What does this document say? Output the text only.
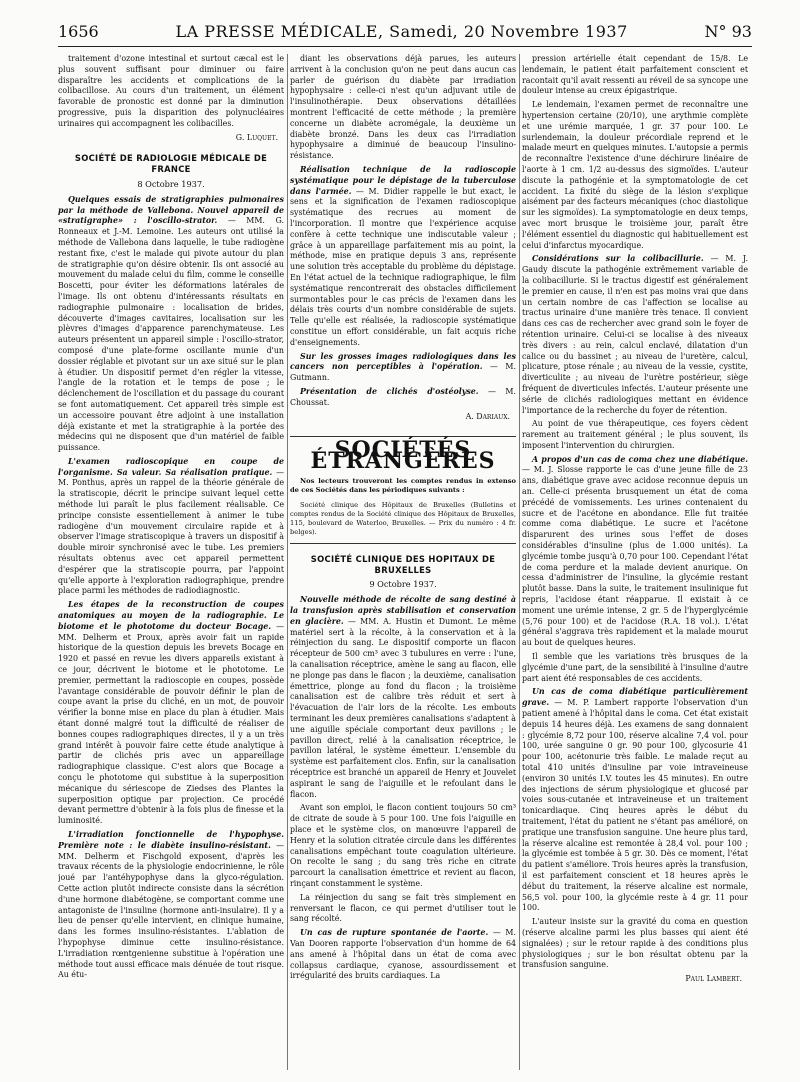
1656	LA PRESSE MÉDICALE, Samedi, 20 Novembre 1937	N° 93

traitement d'ozone intestinal et surtout cæcal est le plus souvent suffisant pour diminuer ou faire disparaître les accidents et complications de la colibacillose. Au cours d'un traitement, un élément favorable de pronostic est donné par la diminution progressive, puis la disparition des polynucléaires urinaires qui accompagnent les colibacilles.

G. Luquet.

SOCIÉTÉ DE RADIOLOGIE MÉDICALE DE FRANCE
8 Octobre 1937.

Quelques essais de stratigraphies pulmonaires par la méthode de Vallebona. Nouvel appareil de «stratigraphe» : l'oscillo-strator. — MM. G. Ronneaux et J.-M. Lemoine. Les auteurs ont utilisé la méthode de Vallebona dans laquelle, le tube radiogène restant fixe, c'est le malade qui pivote autour du plan de stratigraphie qu'on désire obtenir. Ils ont associé au mouvement du malade celui du film, comme le conseille Boscetti, pour éviter les déformations latérales de l'image. Ils ont obtenu d'intéressants résultats en radiographie pulmonaire : localisation de brides, découverte d'images cavitaires, localisation sur les plèvres d'images d'apparence parenchymateuse. Les auteurs présentent un appareil simple : l'oscillo-strator, composé d'une plate-forme oscillante munie d'un dossier réglable et pivotant sur un axe situé sur le plan à étudier. Un dispositif permet d'en régler la vitesse, l'angle de la rotation et le temps de pose ; le déclenchement de l'oscillation et du passage du courant se font automatiquement. Cet appareil très simple est un accessoire pouvant être adjoint à une installation déjà existante et met la stratigraphie à la portée des médecins qui ne disposent que d'un matériel de faible puissance.

L'examen radioscopique en coupe de l'organisme. Sa valeur. Sa réalisation pratique. — M. Ponthus, après un rappel de la théorie générale de la stratiscopie, décrit le principe suivant lequel cette méthode lui paraît le plus facilement réalisable. Ce principe consiste essentiellement à animer le tube radiogène d'un mouvement circulaire rapide et à observer l'image stratiscopique à travers un dispositif à double miroir synchronisé avec le tube. Les premiers résultats obtenus avec cet appareil permettent d'espérer que la stratiscopie pourra, par l'appoint qu'elle apporte à l'exploration radiographique, prendre place parmi les méthodes de radiodiagnostic.

Les étapes de la reconstruction de coupes anatomiques au moyen de la radiographie. Le biotome et le phototome du docteur Bocage. — MM. Delherm et Proux, après avoir fait un rapide historique de la question depuis les brevets Bocage en 1920 et passé en revue les divers appareils existant à ce jour, décrivent le biotome et le phototome. Le premier, permettant la radioscopie en coupes, possède l'avantage considérable de pouvoir définir le plan de coupe avant la prise du cliché, en un mot, de pouvoir vérifier la bonne mise en place du plan à étudier. Mais étant donné malgré tout la difficulté de réaliser de bonnes coupes radiographiques directes, il y a un très grand intérêt à pouvoir faire cette étude analytique à partir de clichés pris avec un appareillage radiographique classique. C'est alors que Bocage a conçu le phototome qui substitue à la superposition mécanique du sériescope de Ziedses des Plantes la superposition optique par projection. Ce procédé devant permettre d'obtenir à la fois plus de finesse et la luminosité.

L'irradiation fonctionnelle de l'hypophyse. Première note : le diabète insulino-résistant. — MM. Delherm et Fischgold exposent, d'après les travaux récents de la physiologie endocrinienne, le rôle joué par l'antéhypophyse dans la glyco-régulation. Cette action plutôt indirecte consiste dans la sécrétion d'une hormone diabétogène, se comportant comme une antagoniste de l'insuline (hormone anti-insulaire). Il y a lieu de penser qu'elle intervient, en clinique humaine, dans les formes insulino-résistantes. L'ablation de l'hypophyse diminue cette insulino-résistance. L'irradiation rœntgenienne substitue à l'opération une méthode tout aussi efficace mais dénuée de tout risque. Au étu-

diant les observations déjà parues, les auteurs arrivent à la conclusion qu'on ne peut dans aucun cas parler de guérison du diabète par irradiation hypophysaire : celle-ci n'est qu'un adjuvant utile de l'insulinothérapie. Deux observations détaillées montrent l'efficacité de cette méthode ; la première concerne un diabète acromégale, la deuxième un diabète bronzé. Dans les deux cas l'irradiation hypophysaire a diminué de beaucoup l'insulino-résistance.

Réalisation technique de la radioscopie systématique pour le dépistage de la tuberculose dans l'armée. — M. Didier rappelle le but exact, le sens et la signification de l'examen radioscopique systématique des recrues au moment de l'incorporation. Il montre que l'expérience acquise confère à cette technique une indiscutable valeur ; grâce à un appareillage parfaitement mis au point, la méthode, mise en pratique depuis 3 ans, représente une solution très acceptable du problème du dépistage. En l'état actuel de la technique radiographique, le film systématique rencontrerait des obstacles difficilement surmontables pour le cas précis de l'examen dans les délais très courts d'un nombre considérable de sujets. Telle qu'elle est réalisée, la radioscopie systématique constitue un effort considérable, un fait acquis riche d'enseignements.

Sur les grosses images radiologiques dans les cancers non perceptibles à l'opération. — M. Gutmann.

Présentation de clichés d'ostéolyse. — M. Choussat.

A. Dariaux.

SOCIÉTÉS ÉTRANGÈRES

Nos lecteurs trouveront les comptes rendus in extenso de ces Sociétés dans les périodiques suivants :

Société clinique des Hôpitaux de Bruxelles (Bulletins et comptes rendus de la Société clinique des Hôpitaux de Bruxelles, 115, boulevard de Waterloo, Bruxelles. — Prix du numéro : 4 fr. belges).

SOCIÉTÉ CLINIQUE DES HOPITAUX DE BRUXELLES
9 Octobre 1937.

Nouvelle méthode de récolte de sang destiné à la transfusion après stabilisation et conservation en glacière. — MM. A. Hustin et Dumont. Le même matériel sert à la récolte, à la conservation et à la réinjection du sang. Le dispositif comporte un flacon récepteur de 500 cm³ avec 3 tubulures en verre : l'une, la canalisation réceptrice, amène le sang au flacon, elle ne plonge pas dans le flacon ; la deuxième, canalisation émettrice, plonge au fond du flacon ; la troisième canalisation est de calibre très réduit et sert à l'évacuation de l'air lors de la récolte. Les embouts terminant les deux premières canalisations s'adaptent à une aiguille spéciale comportant deux pavillons ; le pavillon direct, relié à la canalisation réceptrice, le pavillon latéral, le système émetteur. L'ensemble du système est parfaitement clos. Enfin, sur la canalisation réceptrice est branché un appareil de Henry et Jouvelet aspirant le sang de l'aiguille et le refoulant dans le flacon.

Avant son emploi, le flacon contient toujours 50 cm³ de citrate de soude à 5 pour 100. Une fois l'aiguille en place et le système clos, on manœuvre l'appareil de Henry et la solution citratée circule dans les différentes canalisations empêchant toute coagulation ultérieure. On recolte le sang ; du sang très riche en citrate parcourt la canalisation émettrice et revient au flacon, rinçant constamment le système.

La réinjection du sang se fait très simplement en renversant le flacon, ce qui permet d'utiliser tout le sang récolté.

Un cas de rupture spontanée de l'aorte. — M. Van Dooren rapporte l'observation d'un homme de 64 ans amené à l'hôpital dans un état de coma avec collapsus cardiaque, cyanose, assourdissement et irrégularité des bruits cardiaques. La

pression artérielle était cependant de 15/8. Le lendemain, le patient était parfaitement conscient et racontait qu'il avait ressenti au réveil de sa syncope une douleur intense au creux épigastrique.

Le lendemain, l'examen permet de reconnaître une hypertension certaine (20/10), une arythmie complète et une urémie marquée, 1 gr. 37 pour 100. Le surlendemain, la douleur précordiale reprend et le malade meurt en quelques minutes. L'autopsie a permis de reconnaître l'existence d'une déchirure linéaire de l'aorte à 1 cm. 1/2 au-dessus des sigmoïdes. L'auteur discute la pathogénie et la symptomatologie de cet accident. La fixité du siège de la lésion s'explique aisément par des facteurs mécaniques (choc diastolique sur les sigmoïdes). La symptomatologie en deux temps, avec mort brusque le troisième jour, paraît être l'élément essentiel du diagnostic qui habituellement est celui d'infarctus myocardique.

Considérations sur la colibacillurie. — M. J. Gaudy discute la pathogénie extrêmement variable de la colibacillurie. Si le tractus digestif est généralement le premier en cause, il n'en est pas moins vrai que dans un certain nombre de cas l'affection se localise au tractus urinaire d'une manière très tenace. Il convient dans ces cas de rechercher avec grand soin le foyer de rétention urinaire. Celui-ci se localise à des niveaux très divers : au rein, calcul enclavé, dilatation d'un calice ou du bassinet ; au niveau de l'uretère, calcul, plicature, ptose rénale ; au niveau de la vessie, cystite, diverticulite ; au niveau de l'urètre postérieur, siège fréquent de diverticules infectés. L'auteur présente une série de clichés radiologiques mettant en évidence l'importance de la recherche du foyer de rétention.

Au point de vue thérapeutique, ces foyers cèdent rarement au traitement général ; le plus souvent, ils imposent l'intervention du chirurgien.

A propos d'un cas de coma chez une diabétique. — M. J. Slosse rapporte le cas d'une jeune fille de 23 ans, diabétique grave avec acidose reconnue depuis un an. Celle-ci présenta brusquement un état de coma précédé de vomissements. Les urines contenaient du sucre et de l'acétone en abondance. Elle fut traitée comme coma diabétique. Le sucre et l'acétone disparurent des urines sous l'effet de doses considérables d'insuline (plus de 1.000 unités). La glycémie tombe jusqu'à 0,70 pour 100. Cependant l'état de coma perdure et la malade devient anurique. On cessa d'administrer de l'insuline, la glycémie restant plutôt basse. Dans la suite, le traitement insulinique fut repris, l'acidose étant réapparue. Il existait à ce moment une urémie intense, 2 gr. 5 de l'hyperglycémie (5,76 pour 100) et de l'acidose (R.A. 18 vol.). L'état général s'aggrava très rapidement et la malade mourut au bout de quelques heures.

Il semble que les variations très brusques de la glycémie d'une part, de la sensibilité à l'insuline d'autre part aient été responsables de ces accidents.

Un cas de coma diabétique particulièrement grave. — M. P. Lambert rapporte l'observation d'un patient amené à l'hôpital dans le coma. Cet état existait depuis 14 heures déjà. Les examens de sang donnaient : glycémie 8,72 pour 100, réserve alcaline 7,4 vol. pour 100, urée sanguine 0 gr. 90 pour 100, glycosurie 41 pour 100, acétonurie très faible. Le malade reçut au total 410 unités d'insuline par voie intraveineuse (environ 30 unités I.V. toutes les 45 minutes). En outre des injections de sérum physiologique et glucosé par voies sous-cutanée et intraveineuse et un traitement tonicardiaque. Cinq heures après le début du traitement, l'état du patient ne s'étant pas amélioré, on pratique une transfusion sanguine. Une heure plus tard, la réserve alcaline est remontée à 28,4 vol. pour 100 ; la glycémie est tombée à 5 gr. 30. Dès ce moment, l'état du patient s'améliore. Trois heures après la transfusion, il est parfaitement conscient et 18 heures après le début du traitement, la réserve alcaline est normale, 56,5 vol. pour 100, la glycémie reste à 4 gr. 11 pour 100.

L'auteur insiste sur la gravité du coma en question (réserve alcaline parmi les plus basses qui aient été signalées) ; sur le retour rapide à des conditions plus physiologiques ; sur le bon résultat obtenu par la transfusion sanguine.

Paul Lambert.
